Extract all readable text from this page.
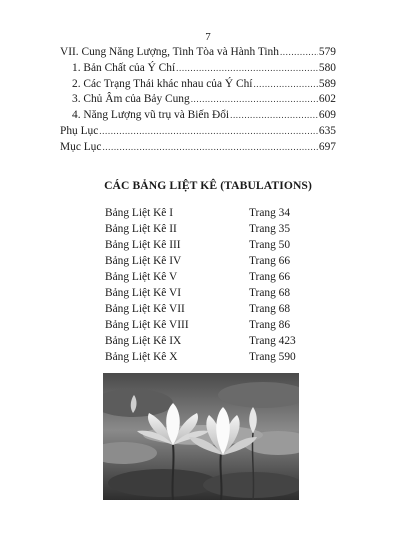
7
VII. Cung Năng Lượng, Tinh Tòa và Hành Tinh .....	579
1. Bản Chất của Ý Chí .....	580
2. Các Trạng Thái khác nhau của Ý Chí .....	589
3. Chủ Âm của Bảy Cung .....	602
4. Năng Lượng vũ trụ và Biến Đổi .....	609
Phụ Lục .....	635
Mục Lục .....	697
CÁC BẢNG LIỆT KÊ (TABULATIONS)
Bảng Liệt Kê I	Trang 34
Bảng Liệt Kê II	Trang 35
Bảng Liệt Kê III	Trang 50
Bảng Liệt Kê IV	Trang 66
Bảng Liệt Kê V	Trang 66
Bảng Liệt Kê VI	Trang 68
Bảng Liệt Kê VII	Trang 68
Bảng Liệt Kê VIII	Trang 86
Bảng Liệt Kê IX	Trang 423
Bảng Liệt Kê X	Trang 590
